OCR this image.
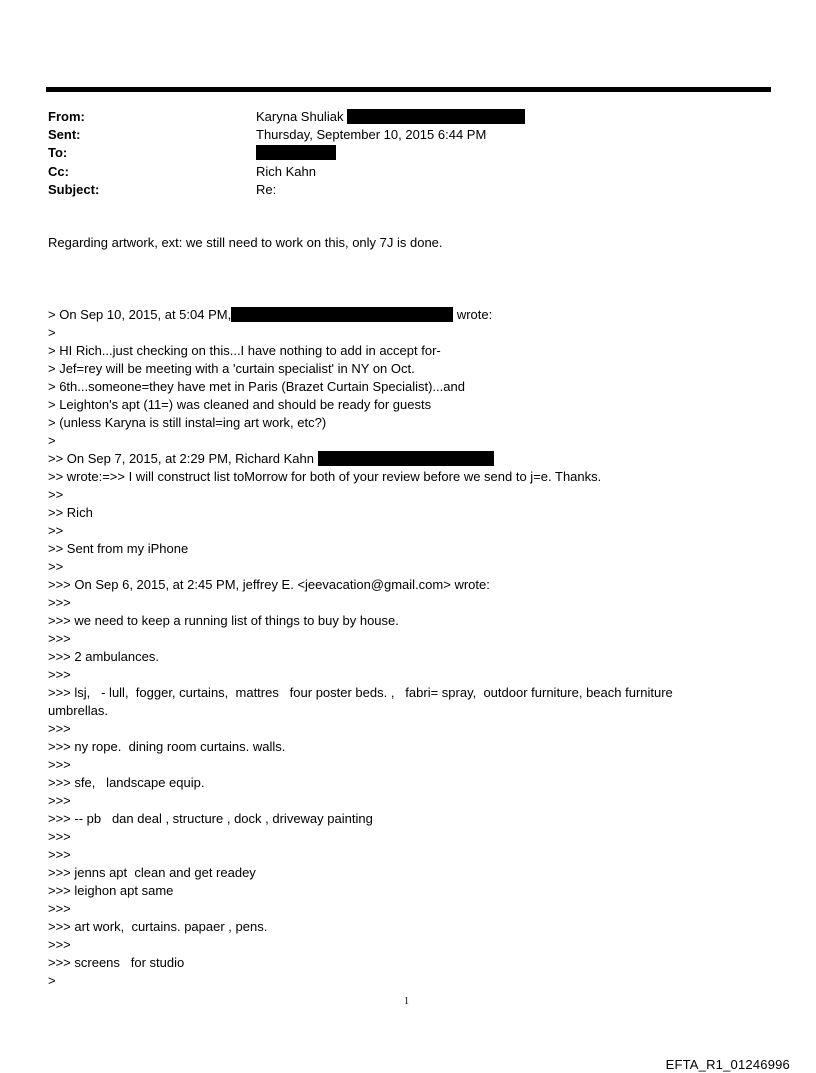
From:	Karyna Shuliak
Sent:	Thursday, September 10, 2015 6:44 PM
To:
Cc:	Rich Kahn
Subject:	Re:
Regarding artwork, ext: we still need to work on this, only 7J is done.
> On Sep 10, 2015, at 5:04 PM,	wrote:
>
> HI Rich...just checking on this...I have nothing to add in accept for-
> Jef=rey will be meeting with a 'curtain specialist' in NY on Oct.
> 6th...someone=they have met in Paris (Brazet Curtain Specialist)...and
> Leighton's apt (11=) was cleaned and should be ready for guests
> (unless Karyna is still instal=ing art work, etc?)
>
>> On Sep 7, 2015, at 2:29 PM, Richard Kahn
>> wrote:=>> I will construct list toMorrow for both of your review before we send to j=e. Thanks.
>>
>> Rich
>>
>> Sent from my iPhone
>>
>>> On Sep 6, 2015, at 2:45 PM, jeffrey E. <jeevacation@gmail.com> wrote:
>>>
>>> we need to keep a running list of things to buy by house.
>>>
>>> 2 ambulances.
>>>
>>> lsj,   - lull,  fogger, curtains,  mattres   four poster beds. ,   fabri= spray,  outdoor furniture, beach furniture umbrellas.
>>>
>>> ny rope.  dining room curtains. walls.
>>>
>>> sfe,   landscape equip.
>>>
>>> -- pb   dan deal , structure , dock , driveway painting
>>>
>>>
>>> jenns apt  clean and get readey
>>> leighon apt same
>>>
>>> art work,  curtains. papaer , pens.
>>>
>>> screens   for studio
>
1
EFTA_R1_01246996
